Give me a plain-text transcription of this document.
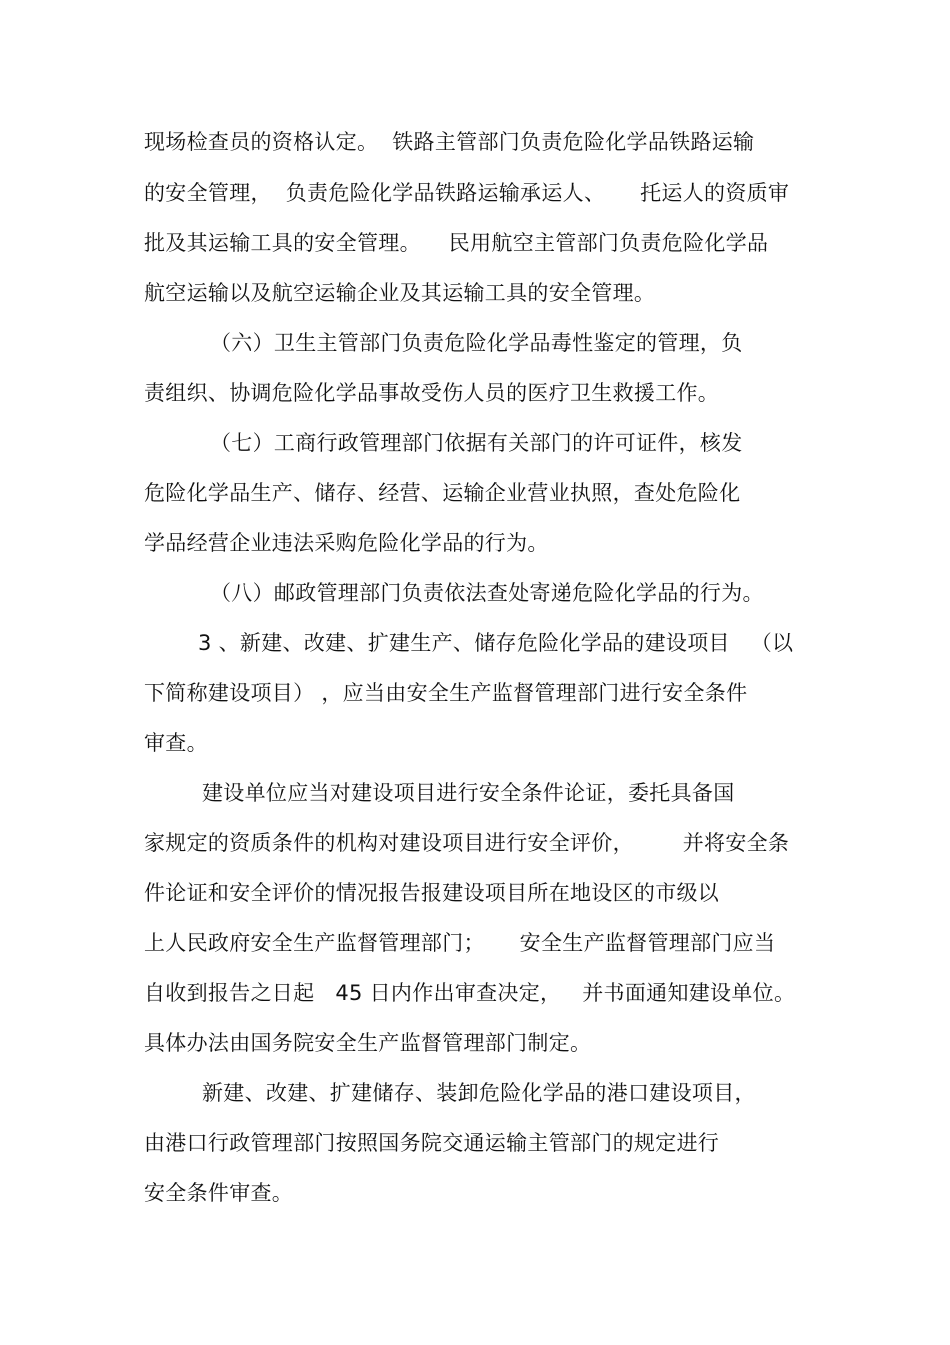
现场检查员的资格认定。  铁路主管部门负责危险化学品铁路运输
的安全管理，  负责危险化学品铁路运输承运人、     托运人的资质审
批及其运输工具的安全管理。    民用航空主管部门负责危险化学品
航空运输以及航空运输企业及其运输工具的安全管理。
（六）卫生主管部门负责危险化学品毒性鉴定的管理，负
责组织、协调危险化学品事故受伤人员的医疗卫生救援工作。
（七）工商行政管理部门依据有关部门的许可证件，核发
危险化学品生产、储存、经营、运输企业营业执照，查处危险化
学品经营企业违法采购危险化学品的行为。
（八）邮政管理部门负责依法查处寄递危险化学品的行为。
3 、新建、改建、扩建生产、储存危险化学品的建设项目   （以
下简称建设项目） ，应当由安全生产监督管理部门进行安全条件
审查。
建设单位应当对建设项目进行安全条件论证，委托具备国
家规定的资质条件的机构对建设项目进行安全评价，       并将安全条
件论证和安全评价的情况报告报建设项目所在地设区的市级以
上人民政府安全生产监督管理部门；     安全生产监督管理部门应当
自收到报告之日起   45 日内作出审查决定，   并书面通知建设单位。
具体办法由国务院安全生产监督管理部门制定。
新建、改建、扩建储存、装卸危险化学品的港口建设项目，
由港口行政管理部门按照国务院交通运输主管部门的规定进行
安全条件审查。
